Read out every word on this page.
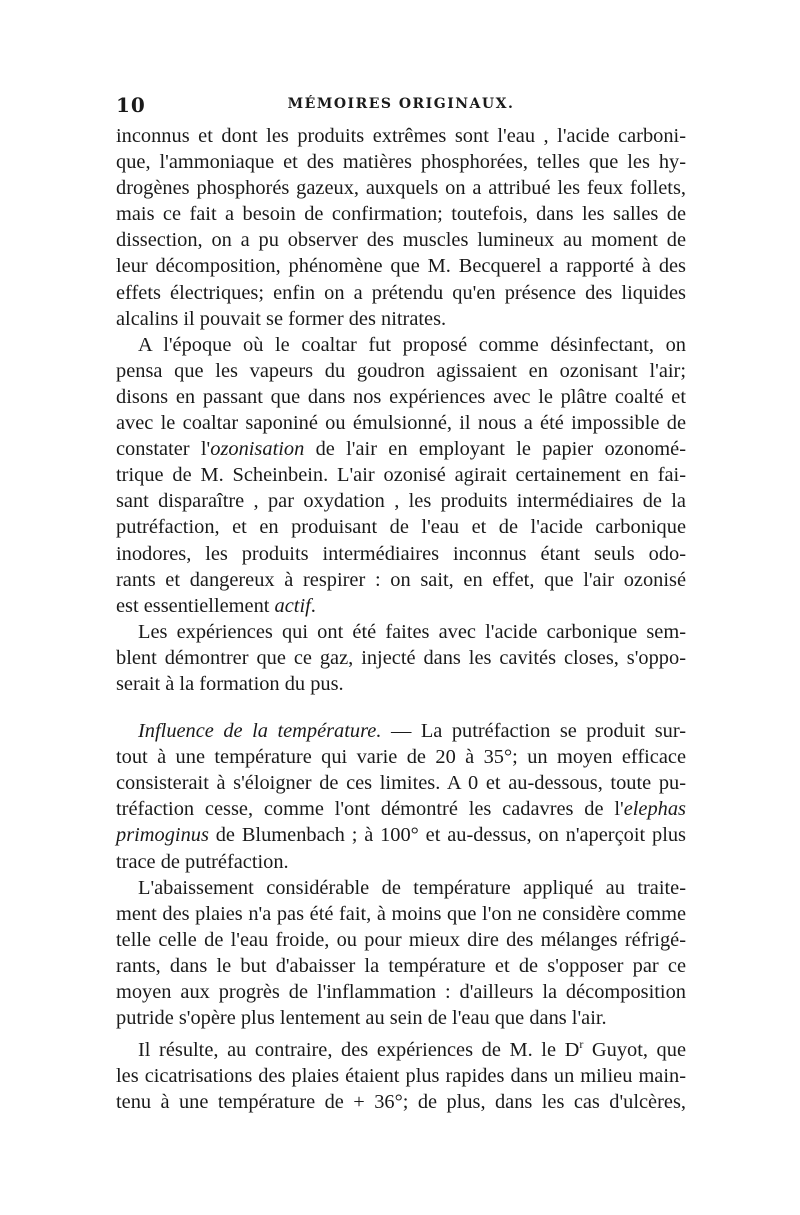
10	MÉMOIRES ORIGINAUX.
inconnus et dont les produits extrêmes sont l'eau , l'acide carboni-
que, l'ammoniaque et des matières phosphorées, telles que les hy-
drogènes phosphorés gazeux, auxquels on a attribué les feux follets,
mais ce fait a besoin de confirmation; toutefois, dans les salles de
dissection, on a pu observer des muscles lumineux au moment de
leur décomposition, phénomène que M. Becquerel a rapporté à des
effets électriques; enfin on a prétendu qu'en présence des liquides
alcalins il pouvait se former des nitrates.
A l'époque où le coaltar fut proposé comme désinfectant, on
pensa que les vapeurs du goudron agissaient en ozonisant l'air;
disons en passant que dans nos expériences avec le plâtre coalté et
avec le coaltar saponiné ou émulsionné, il nous a été impossible de
constater l'ozonisation de l'air en employant le papier ozonomé-
trique de M. Scheinbein. L'air ozonisé agirait certainement en fai-
sant disparaître , par oxydation , les produits intermédiaires de la
putréfaction, et en produisant de l'eau et de l'acide carbonique
inodores, les produits intermédiaires inconnus étant seuls odo-
rants et dangereux à respirer : on sait, en effet, que l'air ozonisé
est essentiellement actif.
Les expériences qui ont été faites avec l'acide carbonique sem-
blent démontrer que ce gaz, injecté dans les cavités closes, s'oppo-
serait à la formation du pus.
Influence de la température. — La putréfaction se produit sur-
tout à une température qui varie de 20 à 35°; un moyen efficace
consisterait à s'éloigner de ces limites. A 0 et au-dessous, toute pu-
tréfaction cesse, comme l'ont démontré les cadavres de l'elephas
primoginus de Blumenbach ; à 100° et au-dessus, on n'aperçoit plus
trace de putréfaction.
L'abaissement considérable de température appliqué au traite-
ment des plaies n'a pas été fait, à moins que l'on ne considère comme
telle celle de l'eau froide, ou pour mieux dire des mélanges réfrigé-
rants, dans le but d'abaisser la température et de s'opposer par ce
moyen aux progrès de l'inflammation : d'ailleurs la décomposition
putride s'opère plus lentement au sein de l'eau que dans l'air.
Il résulte, au contraire, des expériences de M. le $D^r$ Guyot, que
les cicatrisations des plaies étaient plus rapides dans un milieu main-
tenu à une température de + 36°; de plus, dans les cas d'ulcères,
